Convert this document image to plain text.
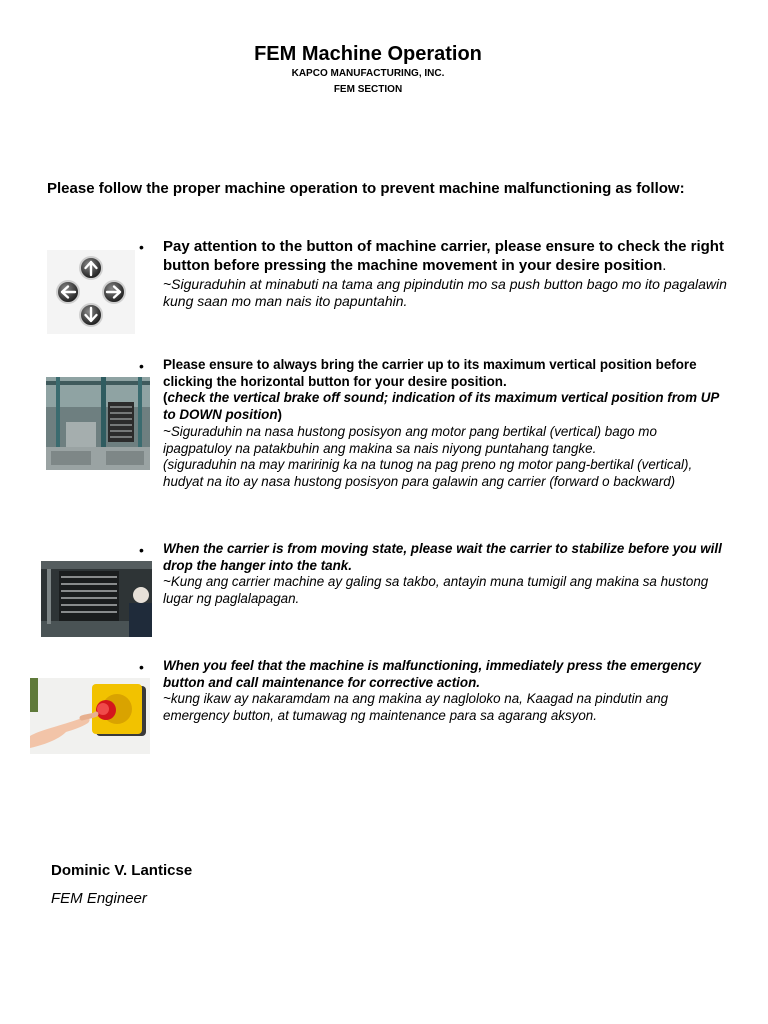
FEM Machine Operation
KAPCO MANUFACTURING, INC.
FEM SECTION
Please follow the proper machine operation to prevent machine malfunctioning as follow:
• Pay attention to the button of machine carrier, please ensure to check the right button before pressing the machine movement in your desire position.
~Siguraduhin at minabuti na tama ang pipindutin mo sa push button bago mo ito pagalawin kung saan mo man nais ito papuntahin.
• Please ensure to always bring the carrier up to its maximum vertical position before clicking the horizontal button for your desire position.
(check the vertical brake off sound; indication of its maximum vertical position from UP to DOWN position)
~Siguraduhin na nasa hustong posisyon ang motor pang bertikal (vertical) bago mo ipagpatuloy na patakbuhin ang makina sa nais niyong puntahang tangke.
(siguraduhin na may maririnig ka na tunog na pag preno ng motor pang-bertikal (vertical), hudyat na ito ay nasa hustong posisyon para galawin ang carrier (forward o backward)
• When the carrier is from moving state, please wait the carrier to stabilize before you will drop the hanger into the tank.
~Kung ang carrier machine ay galing sa takbo, antayin muna tumigil ang makina sa hustong lugar ng paglalapagan.
• When you feel that the machine is malfunctioning, immediately press the emergency button and call maintenance for corrective action.
~kung ikaw ay nakaramdam na ang makina ay nagloloko na, Kaagad na pindutin ang emergency button, at tumawag ng maintenance para sa agarang aksyon.
Dominic V. Lanticse
FEM Engineer
